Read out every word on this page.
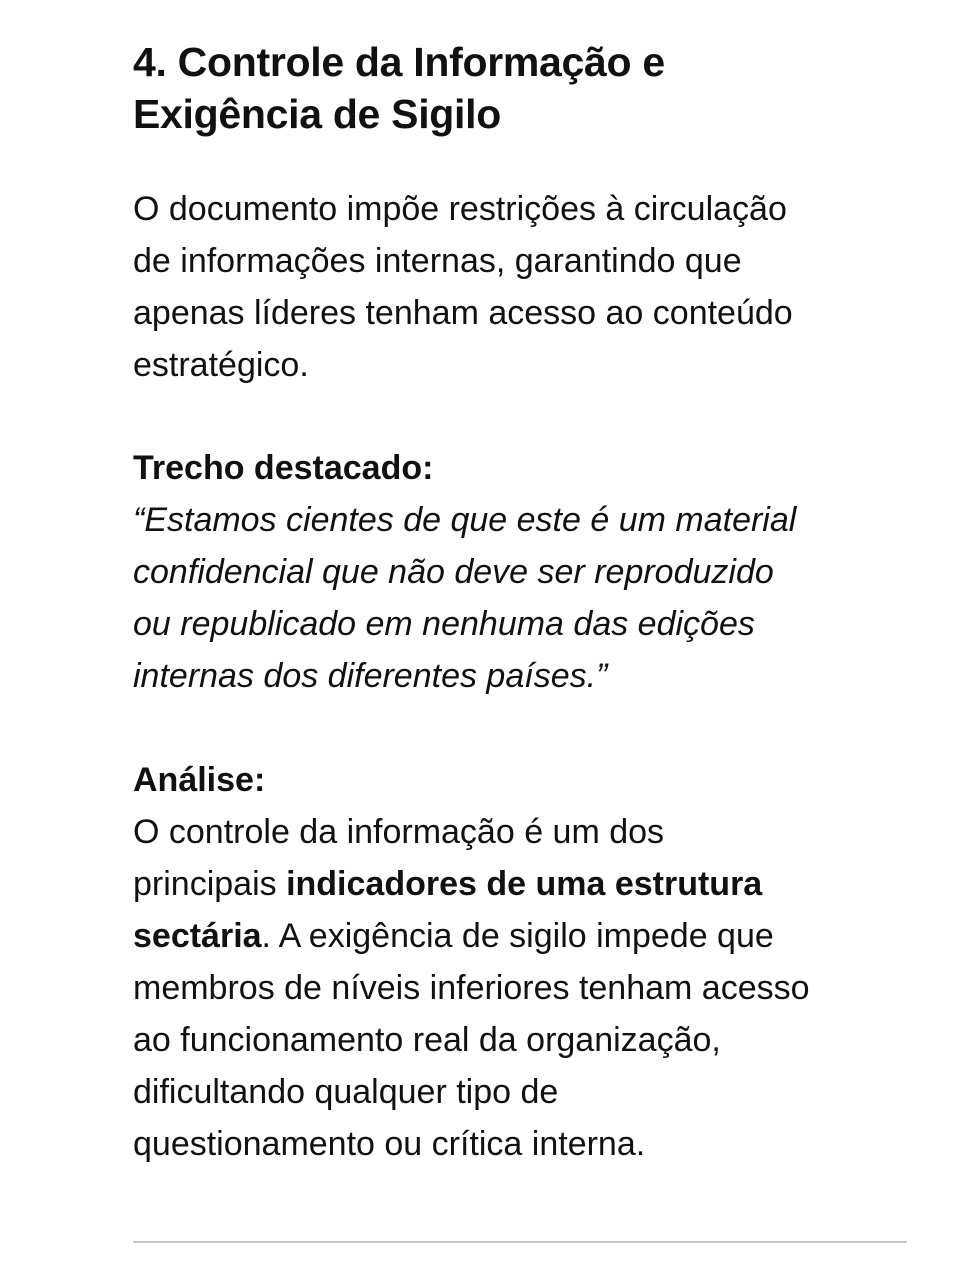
4. Controle da Informação e
Exigência de Sigilo
O documento impõe restrições à circulação
de informações internas, garantindo que
apenas líderes tenham acesso ao conteúdo
estratégico.
Trecho destacado:
“Estamos cientes de que este é um material
confidencial que não deve ser reproduzido
ou republicado em nenhuma das edições
internas dos diferentes países.”
Análise:
O controle da informação é um dos
principais indicadores de uma estrutura
sectária. A exigência de sigilo impede que
membros de níveis inferiores tenham acesso
ao funcionamento real da organização,
dificultando qualquer tipo de
questionamento ou crítica interna.
